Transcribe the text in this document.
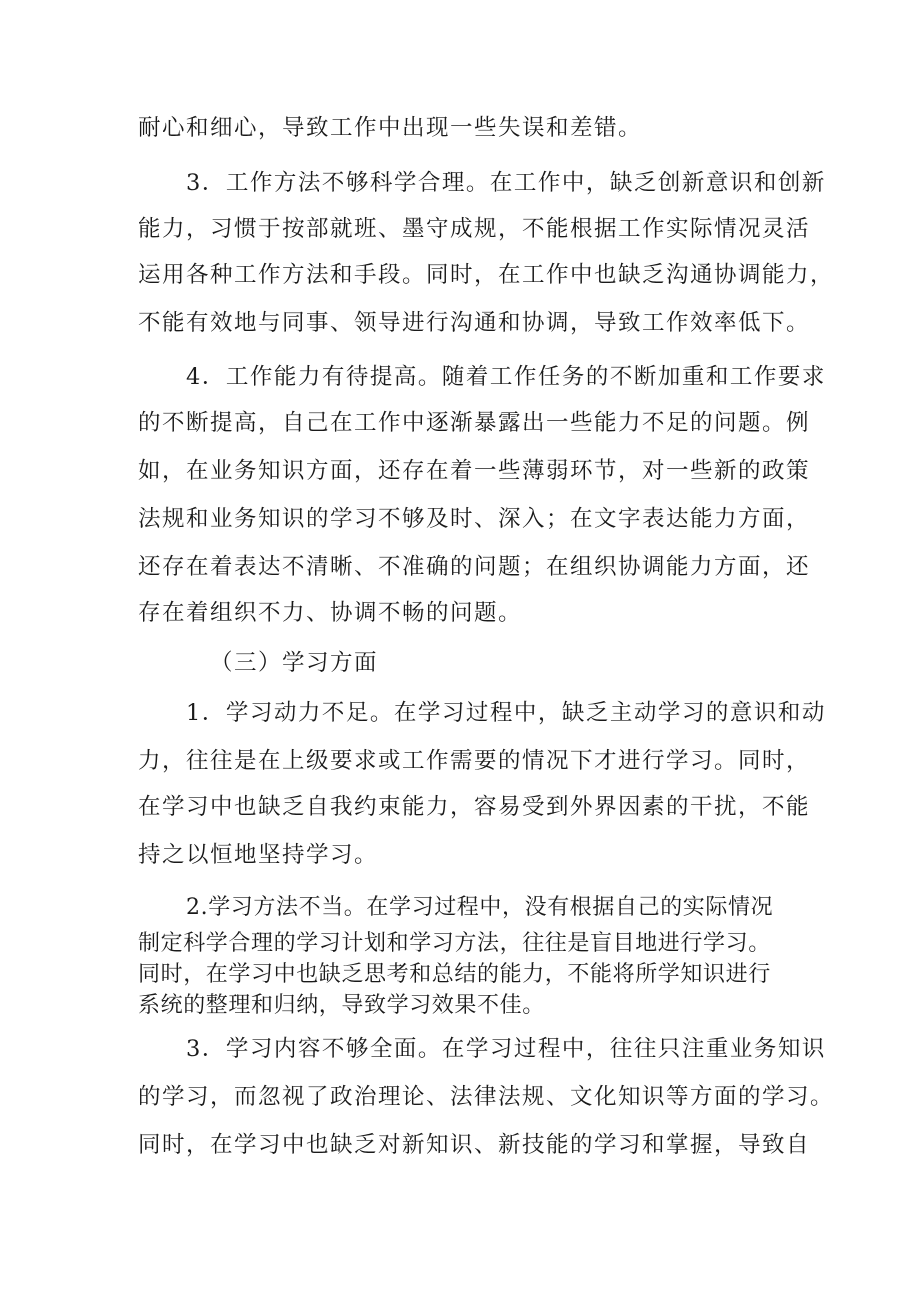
耐心和细心，导致工作中出现一些失误和差错。
3．工作方法不够科学合理。在工作中，缺乏创新意识和创新
能力，习惯于按部就班、墨守成规，不能根据工作实际情况灵活
运用各种工作方法和手段。同时，在工作中也缺乏沟通协调能力，
不能有效地与同事、领导进行沟通和协调，导致工作效率低下。
4．工作能力有待提高。随着工作任务的不断加重和工作要求
的不断提高，自己在工作中逐渐暴露出一些能力不足的问题。例
如，在业务知识方面，还存在着一些薄弱环节，对一些新的政策
法规和业务知识的学习不够及时、深入；在文字表达能力方面，
还存在着表达不清晰、不准确的问题；在组织协调能力方面，还
存在着组织不力、协调不畅的问题。
（三）学习方面
1．学习动力不足。在学习过程中，缺乏主动学习的意识和动
力，往往是在上级要求或工作需要的情况下才进行学习。同时，
在学习中也缺乏自我约束能力，容易受到外界因素的干扰，不能
持之以恒地坚持学习。
2.学习方法不当。在学习过程中，没有根据自己的实际情况
制定科学合理的学习计划和学习方法，往往是盲目地进行学习。
同时，在学习中也缺乏思考和总结的能力，不能将所学知识进行
系统的整理和归纳，导致学习效果不佳。
3．学习内容不够全面。在学习过程中，往往只注重业务知识
的学习，而忽视了政治理论、法律法规、文化知识等方面的学习。
同时，在学习中也缺乏对新知识、新技能的学习和掌握，导致自
